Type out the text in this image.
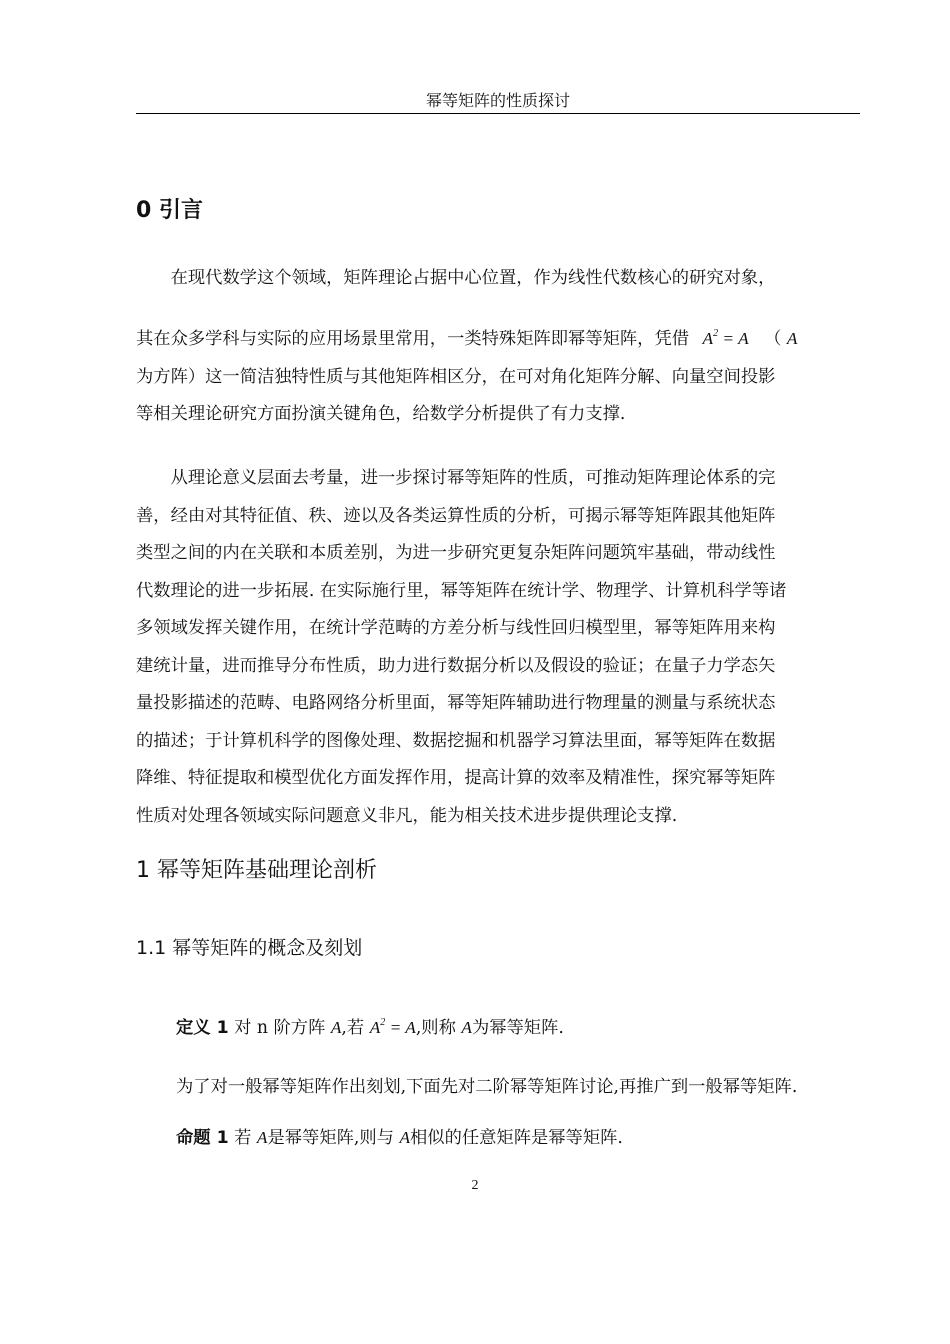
幂等矩阵的性质探讨
0 引言
在现代数学这个领域，矩阵理论占据中心位置，作为线性代数核心的研究对象，
其在众多学科与实际的应用场景里常用，一类特殊矩阵即幂等矩阵，凭借 $A^2 = A$ （ A
为方阵）这一简洁独特性质与其他矩阵相区分，在可对角化矩阵分解、向量空间投影
等相关理论研究方面扮演关键角色，给数学分析提供了有力支撑.
从理论意义层面去考量，进一步探讨幂等矩阵的性质，可推动矩阵理论体系的完
善，经由对其特征值、秩、迹以及各类运算性质的分析，可揭示幂等矩阵跟其他矩阵
类型之间的内在关联和本质差别，为进一步研究更复杂矩阵问题筑牢基础，带动线性
代数理论的进一步拓展. 在实际施行里，幂等矩阵在统计学、物理学、计算机科学等诸
多领域发挥关键作用，在统计学范畴的方差分析与线性回归模型里，幂等矩阵用来构
建统计量，进而推导分布性质，助力进行数据分析以及假设的验证；在量子力学态矢
量投影描述的范畴、电路网络分析里面，幂等矩阵辅助进行物理量的测量与系统状态
的描述；于计算机科学的图像处理、数据挖掘和机器学习算法里面，幂等矩阵在数据
降维、特征提取和模型优化方面发挥作用，提高计算的效率及精准性，探究幂等矩阵
性质对处理各领域实际问题意义非凡，能为相关技术进步提供理论支撑.
1 幂等矩阵基础理论剖析
1.1 幂等矩阵的概念及刻划
定义 1 对 n 阶方阵 A,若 $A^2 = A$,则称 A为幂等矩阵.
为了对一般幂等矩阵作出刻划,下面先对二阶幂等矩阵讨论,再推广到一般幂等矩阵.
命题 1 若 A是幂等矩阵,则与 A相似的任意矩阵是幂等矩阵.
2
